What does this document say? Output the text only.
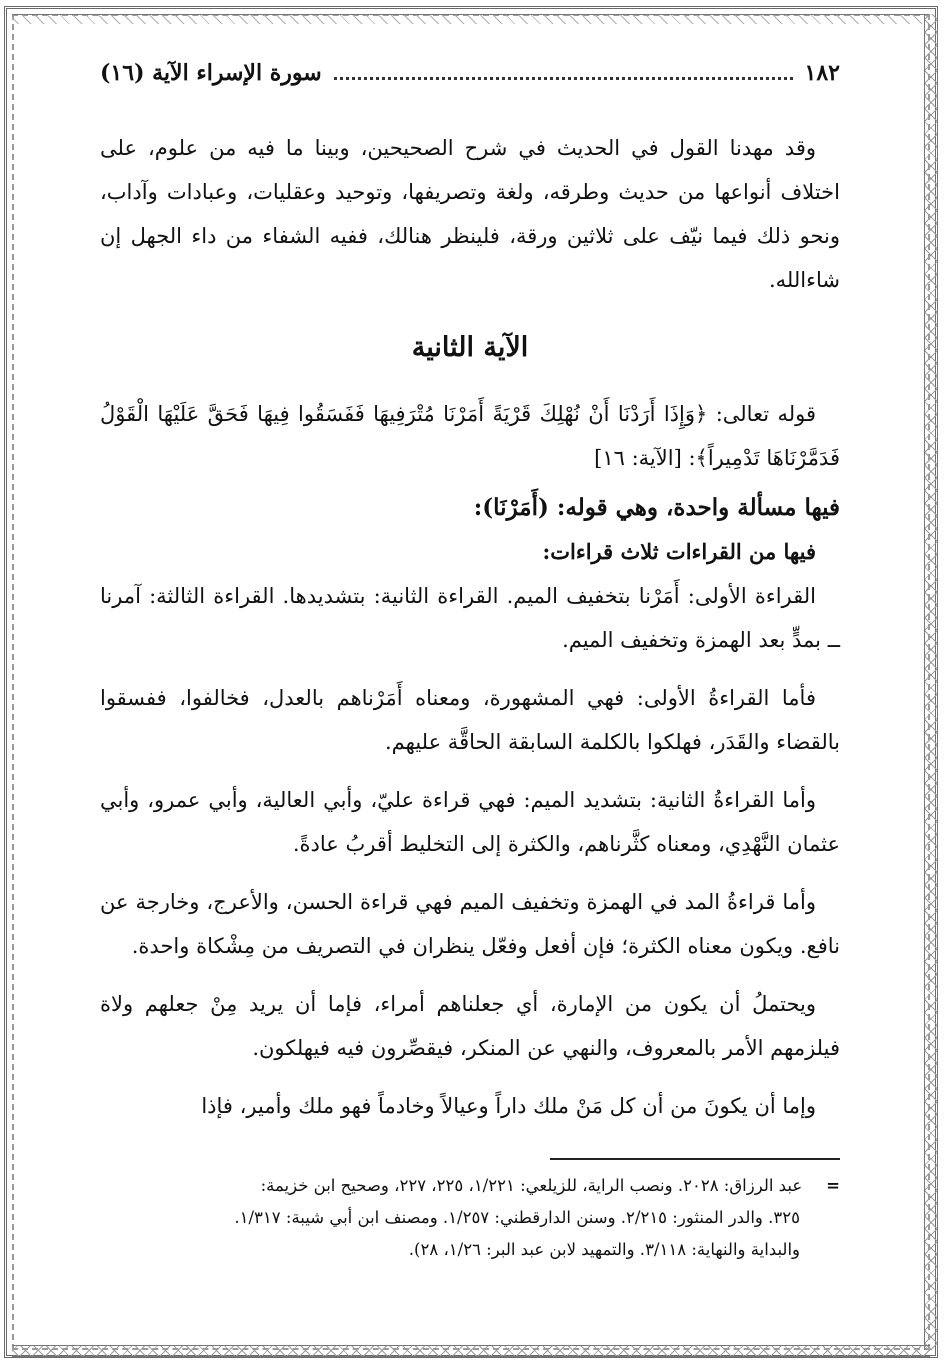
١٨٢
سورة الإسراء الآية (١٦)

وقد مهدنا القول في الحديث في شرح الصحيحين، وبينا ما فيه من علوم، على اختلاف أنواعها من حديث وطرقه، ولغة وتصريفها، وتوحيد وعقليات، وعبادات وآداب، ونحو ذلك فيما نيّف على ثلاثين ورقة، فلينظر هنالك، ففيه الشفاء من داء الجهل إن شاءالله.

الآية الثانية

قوله تعالى: ﴿وَإِذَا أَرَدْنَا أَنْ نُهْلِكَ قَرْيَةً أَمَرْنَا مُتْرَفِيهَا فَفَسَقُوا فِيهَا فَحَقَّ عَلَيْهَا الْقَوْلُ فَدَمَّرْنَاهَا تَدْمِيراً﴾: [الآية: ١٦]

فيها مسألة واحدة، وهي قوله: (أَمَرْنَا):

فيها من القراءات ثلاث قراءات:

القراءة الأولى: أَمَرْنا بتخفيف الميم. القراءة الثانية: بتشديدها. القراءة الثالثة: آمرنا ــ بمدٍّ بعد الهمزة وتخفيف الميم.

فأما القراءةُ الأولى: فهي المشهورة، ومعناه أَمَرْناهم بالعدل، فخالفوا، ففسقوا بالقضاء والقَدَر، فهلكوا بالكلمة السابقة الحاقَّة عليهم.

وأما القراءةُ الثانية: بتشديد الميم: فهي قراءة عليّ، وأبي العالية، وأبي عمرو، وأبي عثمان النَّهْدِي، ومعناه كثَّرناهم، والكثرة إلى التخليط أقربُ عادةً.

وأما قراءةُ المد في الهمزة وتخفيف الميم فهي قراءة الحسن، والأعرج، وخارجة عن نافع. ويكون معناه الكثرة؛ فإن أفعل وفعّل ينظران في التصريف من مِشْكاة واحدة.

ويحتملُ أن يكون من الإمارة، أي جعلناهم أمراء، فإما أن يريد مِنْ جعلهم ولاة فيلزمهم الأمر بالمعروف، والنهي عن المنكر، فيقصِّرون فيه فيهلكون.

وإما أن يكونَ من أن كل مَنْ ملك داراً وعيالاً وخادماً فهو ملك وأمير، فإذا

=عبد الرزاق: ٢٠٢٨. ونصب الراية، للزيلعي: ١/٢٢١، ٢٢٥، ٢٢٧، وصحيح ابن خزيمة:

٣٢٥. والدر المنثور: ٢/٢١٥. وسنن الدارقطني: ١/٢٥٧. ومصنف ابن أبي شيبة: ١/٣١٧.

والبداية والنهاية: ٣/١١٨. والتمهيد لابن عبد البر: ١/٢٦، ٢٨).
